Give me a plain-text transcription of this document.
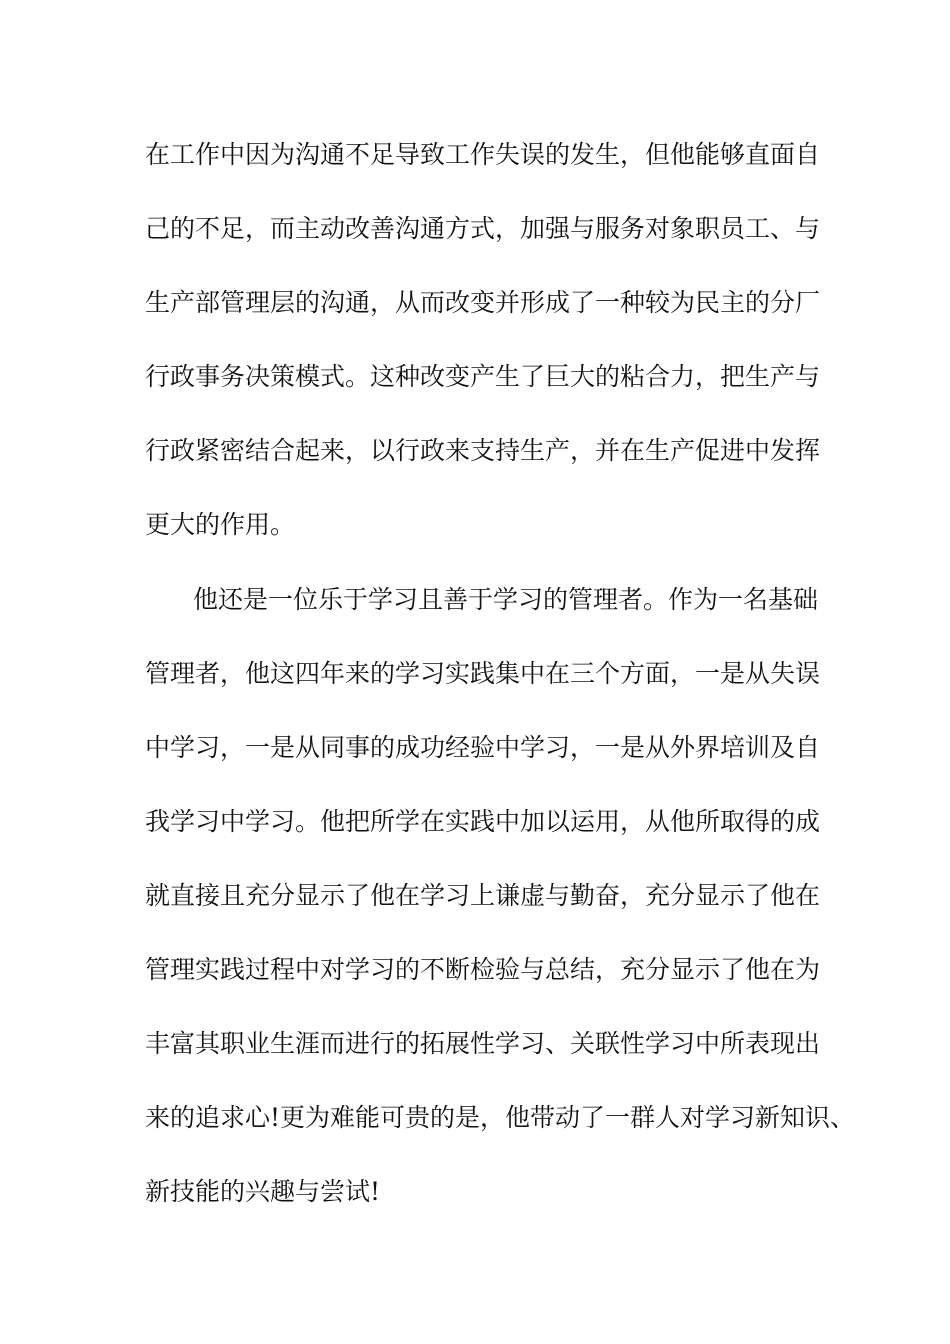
在工作中因为沟通不足导致工作失误的发生，但他能够直面自
己的不足，而主动改善沟通方式，加强与服务对象职员工、与
生产部管理层的沟通，从而改变并形成了一种较为民主的分厂
行政事务决策模式。这种改变产生了巨大的粘合力，把生产与
行政紧密结合起来，以行政来支持生产，并在生产促进中发挥
更大的作用。
他还是一位乐于学习且善于学习的管理者。作为一名基础
管理者，他这四年来的学习实践集中在三个方面，一是从失误
中学习，一是从同事的成功经验中学习，一是从外界培训及自
我学习中学习。他把所学在实践中加以运用，从他所取得的成
就直接且充分显示了他在学习上谦虚与勤奋，充分显示了他在
管理实践过程中对学习的不断检验与总结，充分显示了他在为
丰富其职业生涯而进行的拓展性学习、关联性学习中所表现出
来的追求心!更为难能可贵的是，他带动了一群人对学习新知识、
新技能的兴趣与尝试!
